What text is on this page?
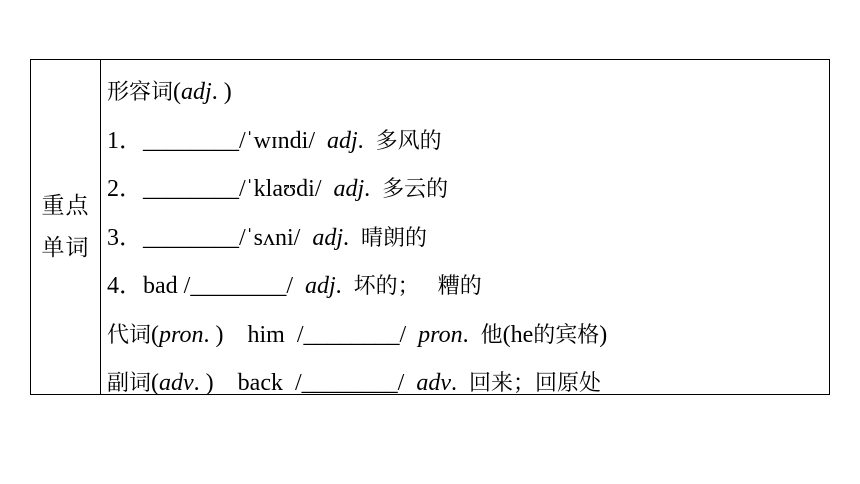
重点
单词
形容词(adj. )
1．________/ˈwɪndi/ adj. 多风的
2．________/ˈklaʊdi/ adj. 多云的
3．________/ˈsʌni/ adj. 晴朗的
4．bad /________/ adj. 坏的； 糟的
代词(pron. ) him /________/ pron. 他(he的宾格)
副词(adv. ) back /________/ adv. 回来；回原处
